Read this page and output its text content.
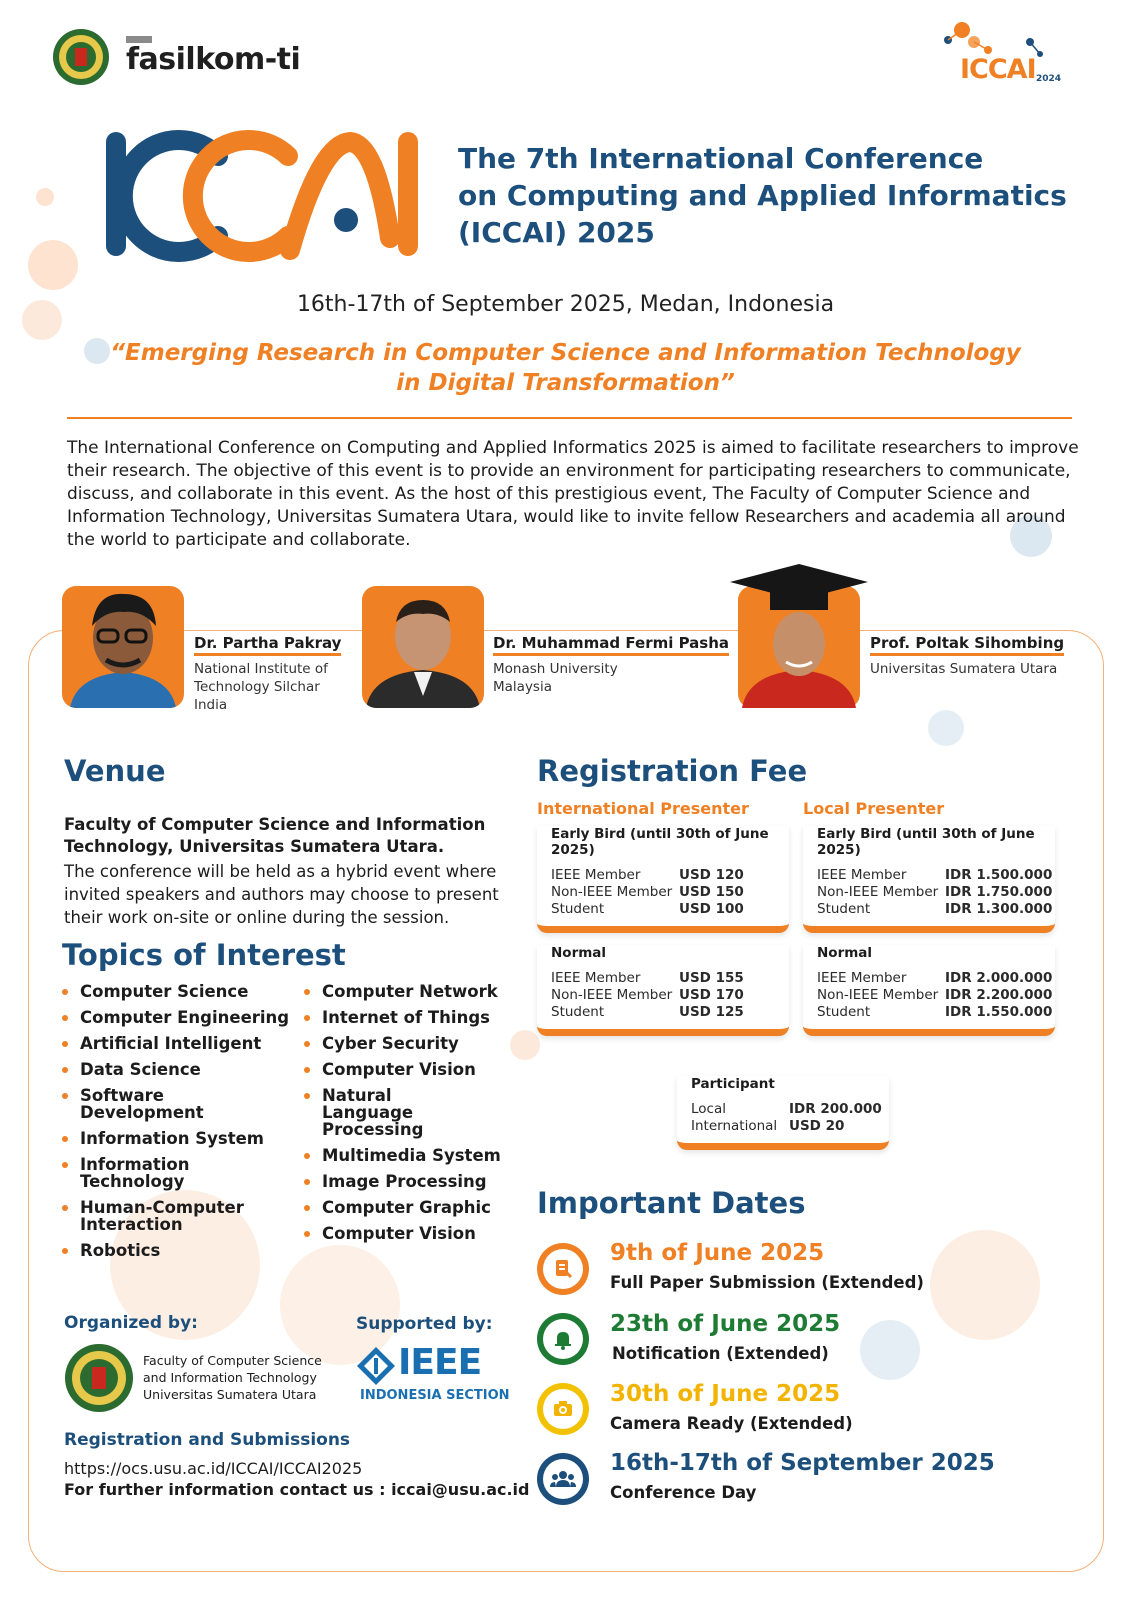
fasilkom-ti	ICCAI 2024
The 7th International Conference
on Computing and Applied Informatics
(ICCAI) 2025
16th-17th of September 2025, Medan, Indonesia
“Emerging Research in Computer Science and Information Technology
in Digital Transformation”
The International Conference on Computing and Applied Informatics 2025 is aimed to facilitate researchers to improve their research. The objective of this event is to provide an environment for participating researchers to communicate, discuss, and collaborate in this event. As the host of this prestigious event, The Faculty of Computer Science and Information Technology, Universitas Sumatera Utara, would like to invite fellow Researchers and academia all around the world to participate and collaborate.
Dr. Partha Pakray
National Institute of
Technology Silchar
India
Dr. Muhammad Fermi Pasha
Monash University
Malaysia
Prof. Poltak Sihombing
Universitas Sumatera Utara
Venue
Faculty of Computer Science and Information
Technology, Universitas Sumatera Utara.
The conference will be held as a hybrid event where invited speakers and authors may choose to present their work on-site or online during the session.
Topics of Interest
Computer Science
Computer Engineering
Artificial Intelligent
Data Science
Software Development
Information System
Information Technology
Human-Computer Interaction
Robotics
Computer Network
Internet of Things
Cyber Security
Computer Vision
Natural Language Processing
Multimedia System
Image Processing
Computer Graphic
Computer Vision
Registration Fee
International Presenter	Local Presenter
Early Bird (until 30th of June 2025)
IEEE Member	USD 120
Non-IEEE Member USD 150
Student	USD 100
Early Bird (until 30th of June 2025)
IEEE Member	IDR 1.500.000
Non-IEEE Member IDR 1.750.000
Student	IDR 1.300.000
Normal
IEEE Member	USD 155
Non-IEEE Member USD 170
Student	USD 125
Normal
IEEE Member	IDR 2.000.000
Non-IEEE Member IDR 2.200.000
Student	IDR 1.550.000
Participant
Local	IDR 200.000
International USD 20
Important Dates
9th of June 2025
Full Paper Submission (Extended)
23th of June 2025
Notification (Extended)
30th of June 2025
Camera Ready (Extended)
16th-17th of September 2025
Conference Day
Organized by:	Supported by:
Faculty of Computer Science
and Information Technology
Universitas Sumatera Utara
IEEE
INDONESIA SECTION
Registration and Submissions
https://ocs.usu.ac.id/ICCAI/ICCAI2025
For further information contact us : iccai@usu.ac.id
